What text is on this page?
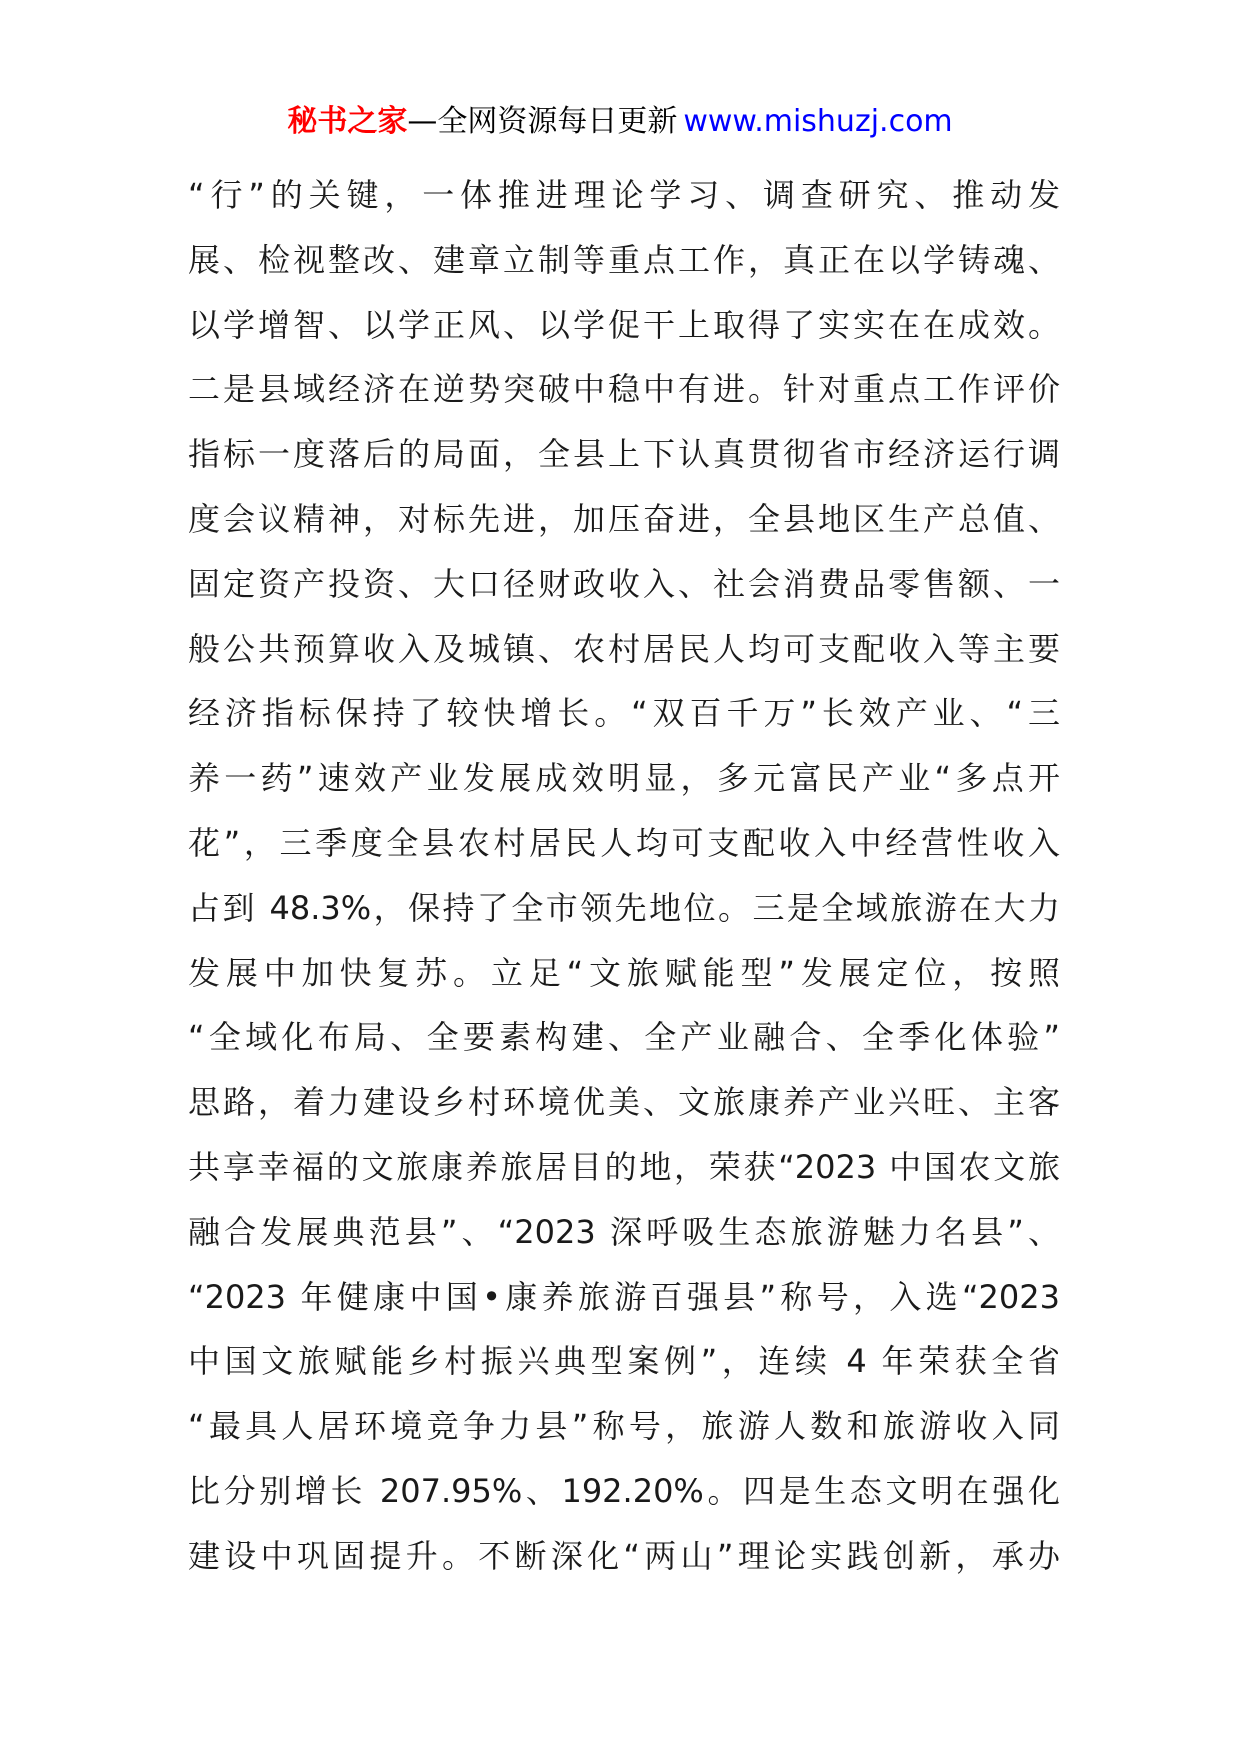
秘书之家—全网资源每日更新 www.mishuzj.com
“行”的关键，一体推进理论学习、调查研究、推动发
展、检视整改、建章立制等重点工作，真正在以学铸魂、
以学增智、以学正风、以学促干上取得了实实在在成效。
二是县域经济在逆势突破中稳中有进。针对重点工作评价
指标一度落后的局面，全县上下认真贯彻省市经济运行调
度会议精神，对标先进，加压奋进，全县地区生产总值、
固定资产投资、大口径财政收入、社会消费品零售额、一
般公共预算收入及城镇、农村居民人均可支配收入等主要
经济指标保持了较快增长。“双百千万”长效产业、“三
养一药”速效产业发展成效明显，多元富民产业“多点开
花”，三季度全县农村居民人均可支配收入中经营性收入
占到 48.3%，保持了全市领先地位。三是全域旅游在大力
发展中加快复苏。立足“文旅赋能型”发展定位，按照
“全域化布局、全要素构建、全产业融合、全季化体验”
思路，着力建设乡村环境优美、文旅康养产业兴旺、主客
共享幸福的文旅康养旅居目的地，荣获“2023 中国农文旅
融合发展典范县”、“2023 深呼吸生态旅游魅力名县”、
“2023 年健康中国•康养旅游百强县”称号，入选“2023
中国文旅赋能乡村振兴典型案例”，连续 4 年荣获全省
“最具人居环境竞争力县”称号，旅游人数和旅游收入同
比分别增长 207.95%、192.20%。四是生态文明在强化
建设中巩固提升。不断深化“两山”理论实践创新，承办
